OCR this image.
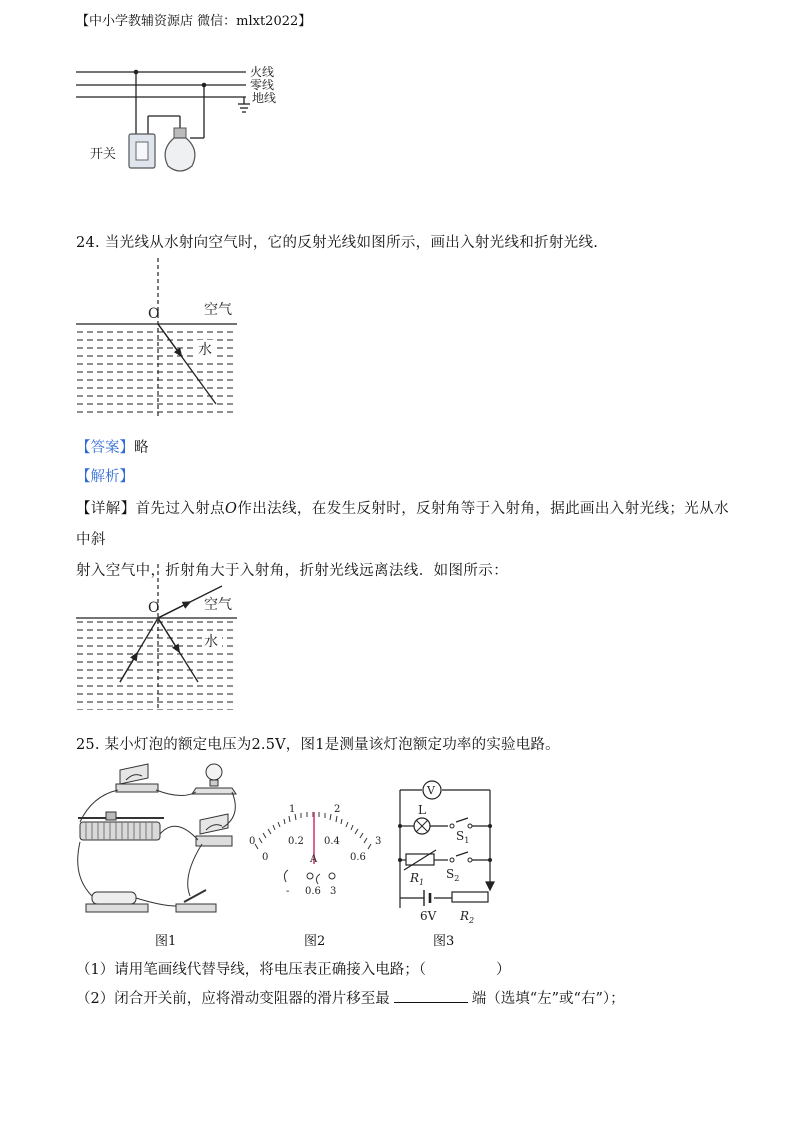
【中小学教辅资源店 微信：mlxt2022】
火线
零线
地线
开关
24. 当光线从水射向空气时，它的反射光线如图所示，画出入射光线和折射光线.
O	空气
水
【答案】略
【解析】
【详解】首先过入射点O作出法线，在发生反射时，反射角等于入射角，据此画出入射光线；光从水中斜
射入空气中，折射角大于入射角，折射光线远离法线．如图所示：
O	空气
水
25. 某小灯泡的额定电压为2.5V，图1是测量该灯泡额定功率的实验电路。
0
1	2
3
0
0.2 0.4
0.6
A
- 0.6 3
V
L
$S_1$
$R_1$
$S_2$
6V $R_2$
图1	图2	图3
（1）请用笔画线代替导线，将电压表正确接入电路；（	）
（2）闭合开关前，应将滑动变阻器的滑片移至最	端（选填“左”或“右”）；
